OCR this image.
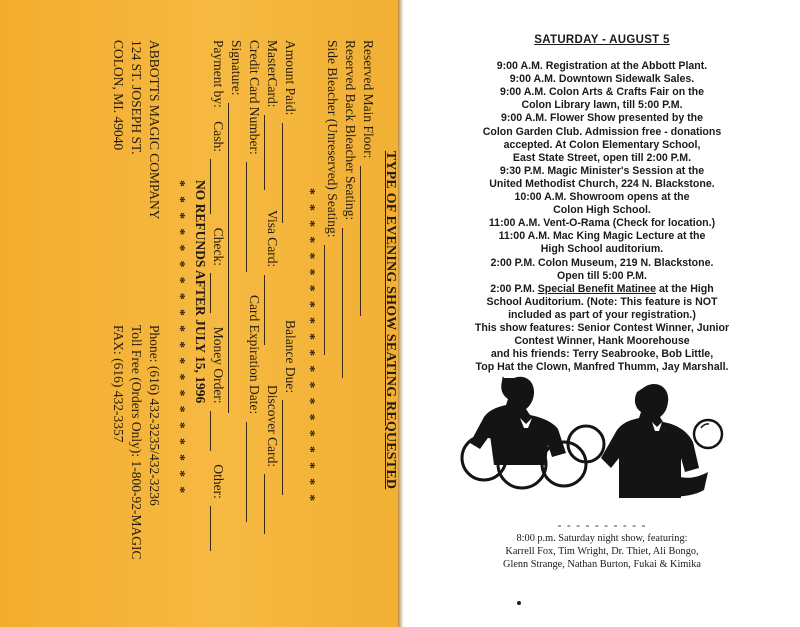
TYPE OF EVENING SHOW SEATING REQUESTED
Reserved Main Floor:
Reserved Back Bleacher Seating:
Side Bleacher (Unreserved) Seating:
* * * * * * * * * * * * * * * * * * * *
Amount Paid:
Balance Due:
MasterCard:
Visa Card:
Discover Card:
Credit Card Number:
Card Expiration Date:
Signature:
Payment by: Cash:  Check:  Money Order:  Other:
NO REFUNDS AFTER JULY 15, 1996
* * * * * * * * * * * * * * * * * * * *
ABBOTTS MAGIC COMPANY
124 ST. JOSEPH ST.
COLON, MI. 49040
Phone: (616) 432-3235/432-3236
Toll Free (Orders Only): 1-800-92-MAGIC
FAX: (616) 432-3357
SATURDAY - AUGUST 5
9:00 A.M. Registration at the Abbott Plant.
9:00 A.M. Downtown Sidewalk Sales.
9:00 A.M. Colon Arts & Crafts Fair on the
Colon Library lawn, till 5:00 P.M.
9:00 A.M. Flower Show presented by the
Colon Garden Club. Admission free - donations
accepted. At Colon Elementary School,
East State Street, open till 2:00 P.M.
9:30 P.M. Magic Minister's Session at the
United Methodist Church, 224 N. Blackstone.
10:00 A.M. Showroom opens at the
Colon High School.
11:00 A.M. Vent-O-Rama (Check for location.)
11:00 A.M. Mac King Magic Lecture at the
High School auditorium.
2:00 P.M. Colon Museum, 219 N. Blackstone.
Open till 5:00 P.M.
2:00 P.M. Special Benefit Matinee at the High
School Auditorium. (Note: This feature is NOT
included as part of your registration.)
This show features: Senior Contest Winner, Junior
Contest Winner, Hank Moorehouse
and his friends: Terry Seabrooke, Bob Little,
Top Hat the Clown, Manfred Thumm, Jay Marshall.
- - - - - - - - - -
8:00 p.m. Saturday night show, featuring:
Karrell Fox, Tim Wright, Dr. Thiet, Ali Bongo,
Glenn Strange, Nathan Burton, Fukai & Kimika
